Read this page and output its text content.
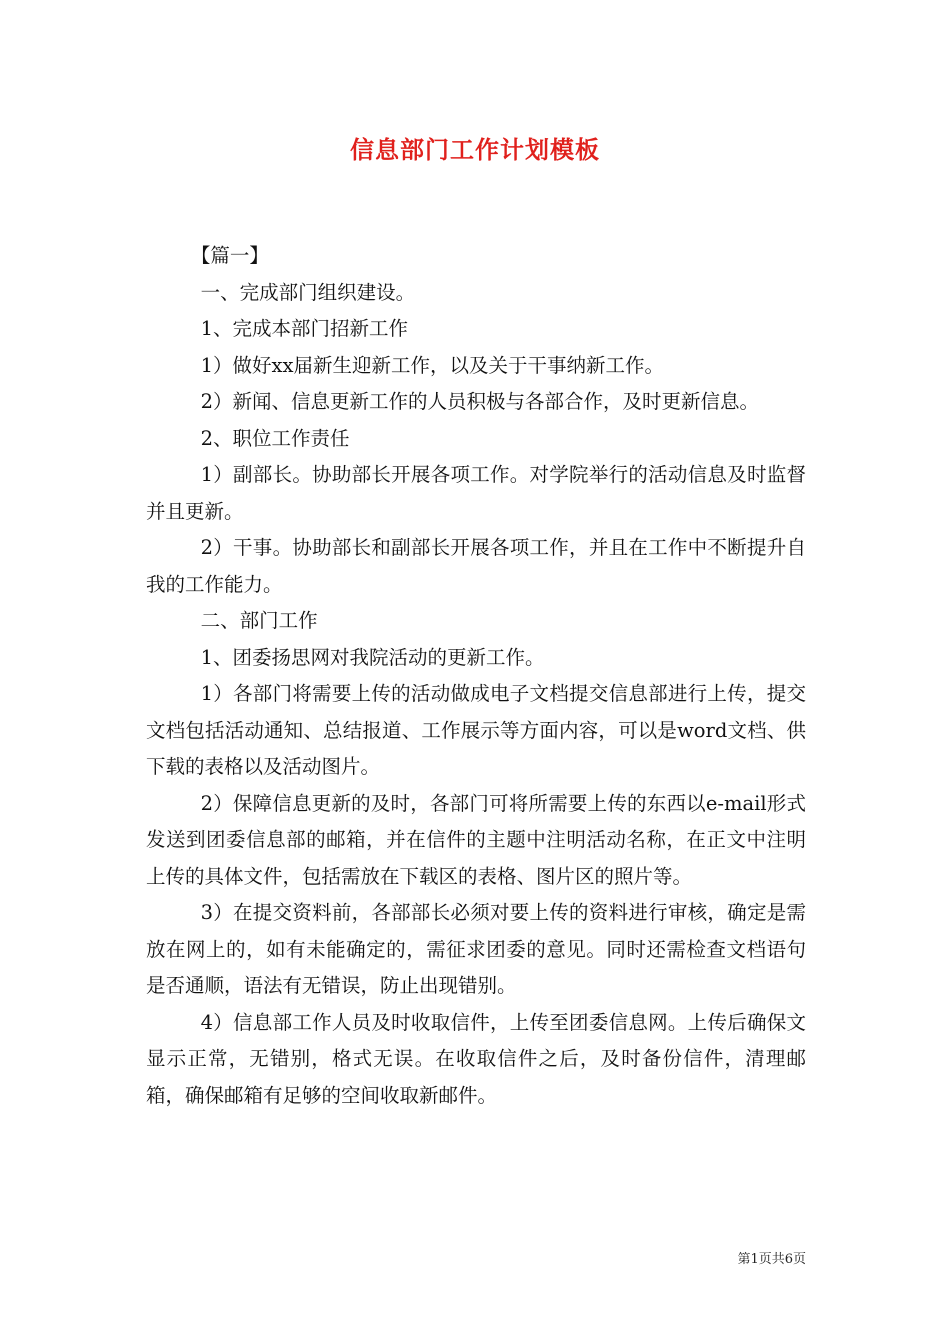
信息部门工作计划模板

【篇一】

一、完成部门组织建设。

1、完成本部门招新工作

1）做好xx届新生迎新工作，以及关于干事纳新工作。

2）新闻、信息更新工作的人员积极与各部合作，及时更新信息。

2、职位工作责任

1）副部长。协助部长开展各项工作。对学院举行的活动信息及时监督并且更新。

2）干事。协助部长和副部长开展各项工作，并且在工作中不断提升自我的工作能力。

二、部门工作

1、团委扬思网对我院活动的更新工作。

1）各部门将需要上传的活动做成电子文档提交信息部进行上传，提交文档包括活动通知、总结报道、工作展示等方面内容，可以是word文档、供下载的表格以及活动图片。

2）保障信息更新的及时，各部门可将所需要上传的东西以e-mail形式发送到团委信息部的邮箱，并在信件的主题中注明活动名称，在正文中注明上传的具体文件，包括需放在下载区的表格、图片区的照片等。

3）在提交资料前，各部部长必须对要上传的资料进行审核，确定是需放在网上的，如有未能确定的，需征求团委的意见。同时还需检查文档语句是否通顺，语法有无错误，防止出现错别。

4）信息部工作人员及时收取信件，上传至团委信息网。上传后确保文显示正常，无错别，格式无误。在收取信件之后，及时备份信件，清理邮箱，确保邮箱有足够的空间收取新邮件。

第1页共6页
